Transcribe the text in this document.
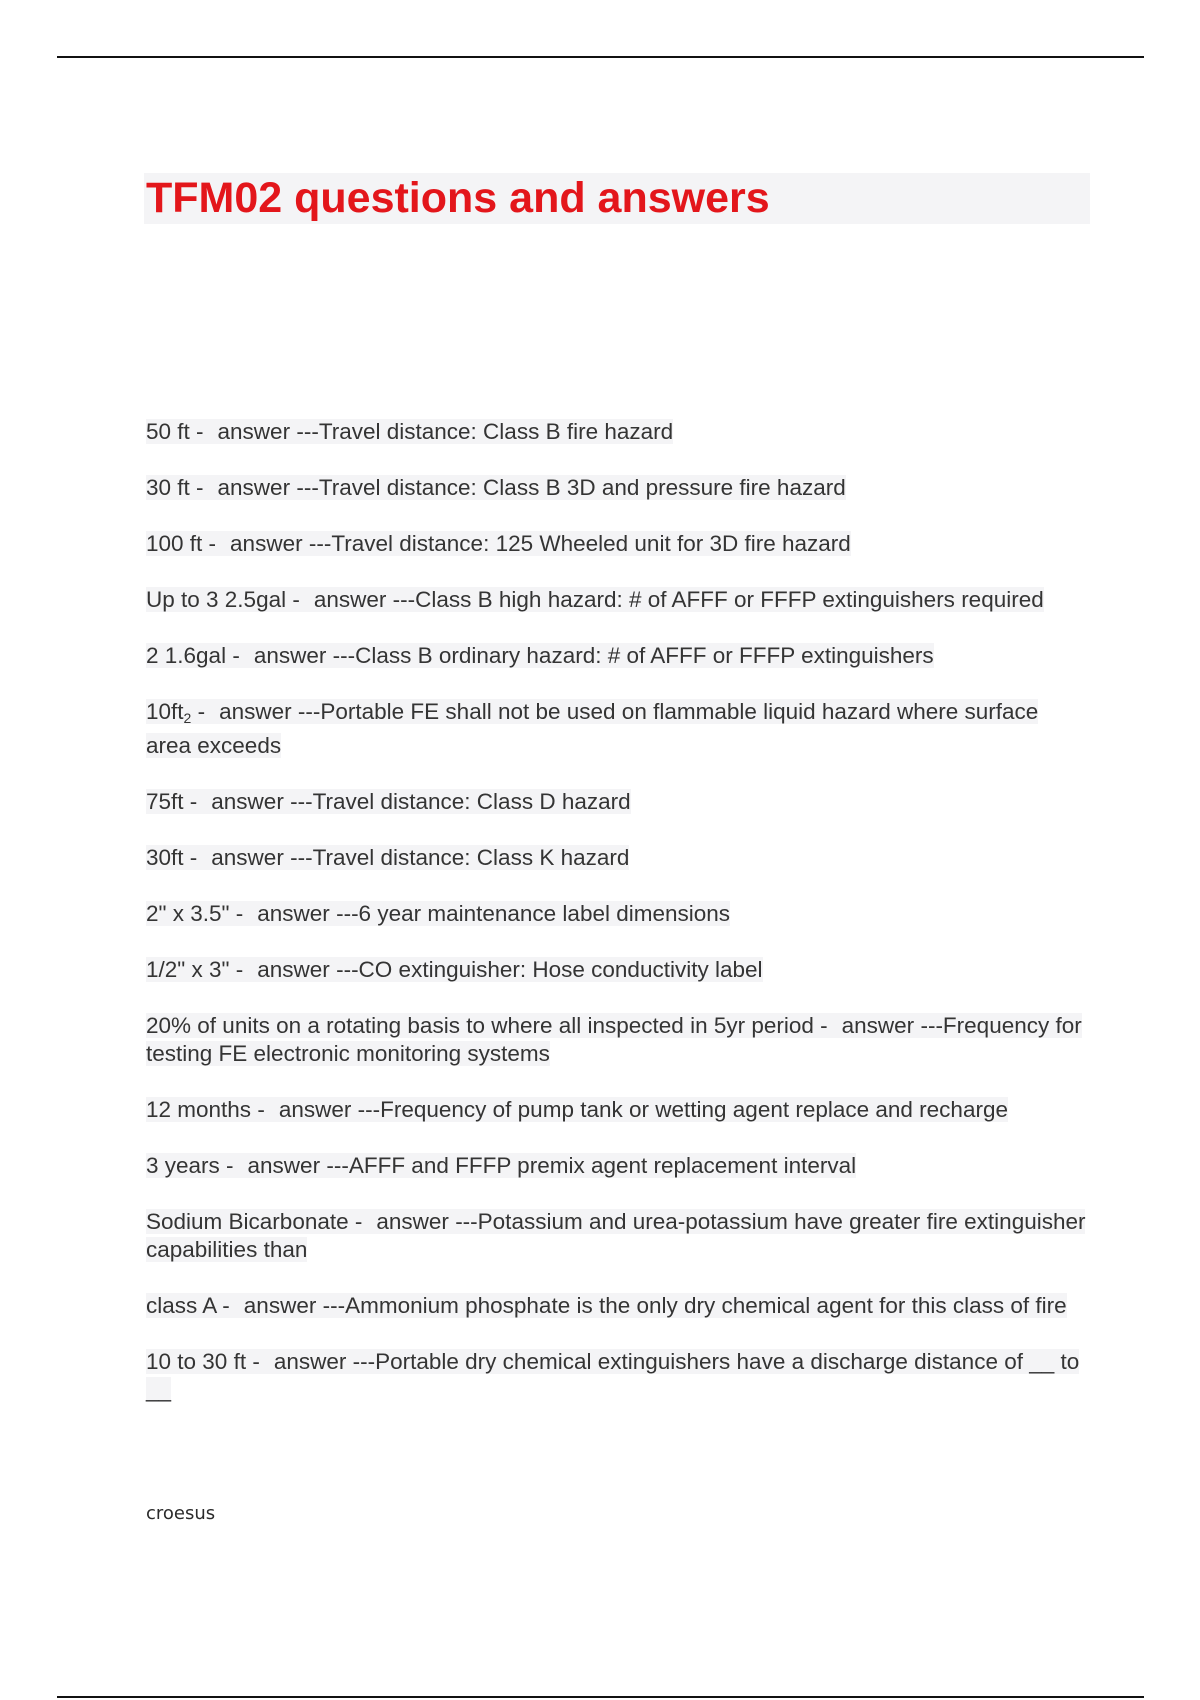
TFM02 questions and answers
50 ft - answer ---Travel distance: Class B fire hazard
30 ft - answer ---Travel distance: Class B 3D and pressure fire hazard
100 ft - answer ---Travel distance: 125 Wheeled unit for 3D fire hazard
Up to 3 2.5gal - answer ---Class B high hazard: # of AFFF or FFFP extinguishers required
2 1.6gal - answer ---Class B ordinary hazard: # of AFFF or FFFP extinguishers
$10ft_2$ - answer ---Portable FE shall not be used on flammable liquid hazard where surface area exceeds
75ft - answer ---Travel distance: Class D hazard
30ft - answer ---Travel distance: Class K hazard
2" x 3.5" - answer ---6 year maintenance label dimensions
1/2" x 3" - answer ---CO extinguisher: Hose conductivity label
20% of units on a rotating basis to where all inspected in 5yr period - answer ---Frequency for testing FE electronic monitoring systems
12 months - answer ---Frequency of pump tank or wetting agent replace and recharge
3 years - answer ---AFFF and FFFP premix agent replacement interval
Sodium Bicarbonate - answer ---Potassium and urea-potassium have greater fire extinguisher capabilities than
class A - answer ---Ammonium phosphate is the only dry chemical agent for this class of fire
10 to 30 ft - answer ---Portable dry chemical extinguishers have a discharge distance of __ to __
croesus
